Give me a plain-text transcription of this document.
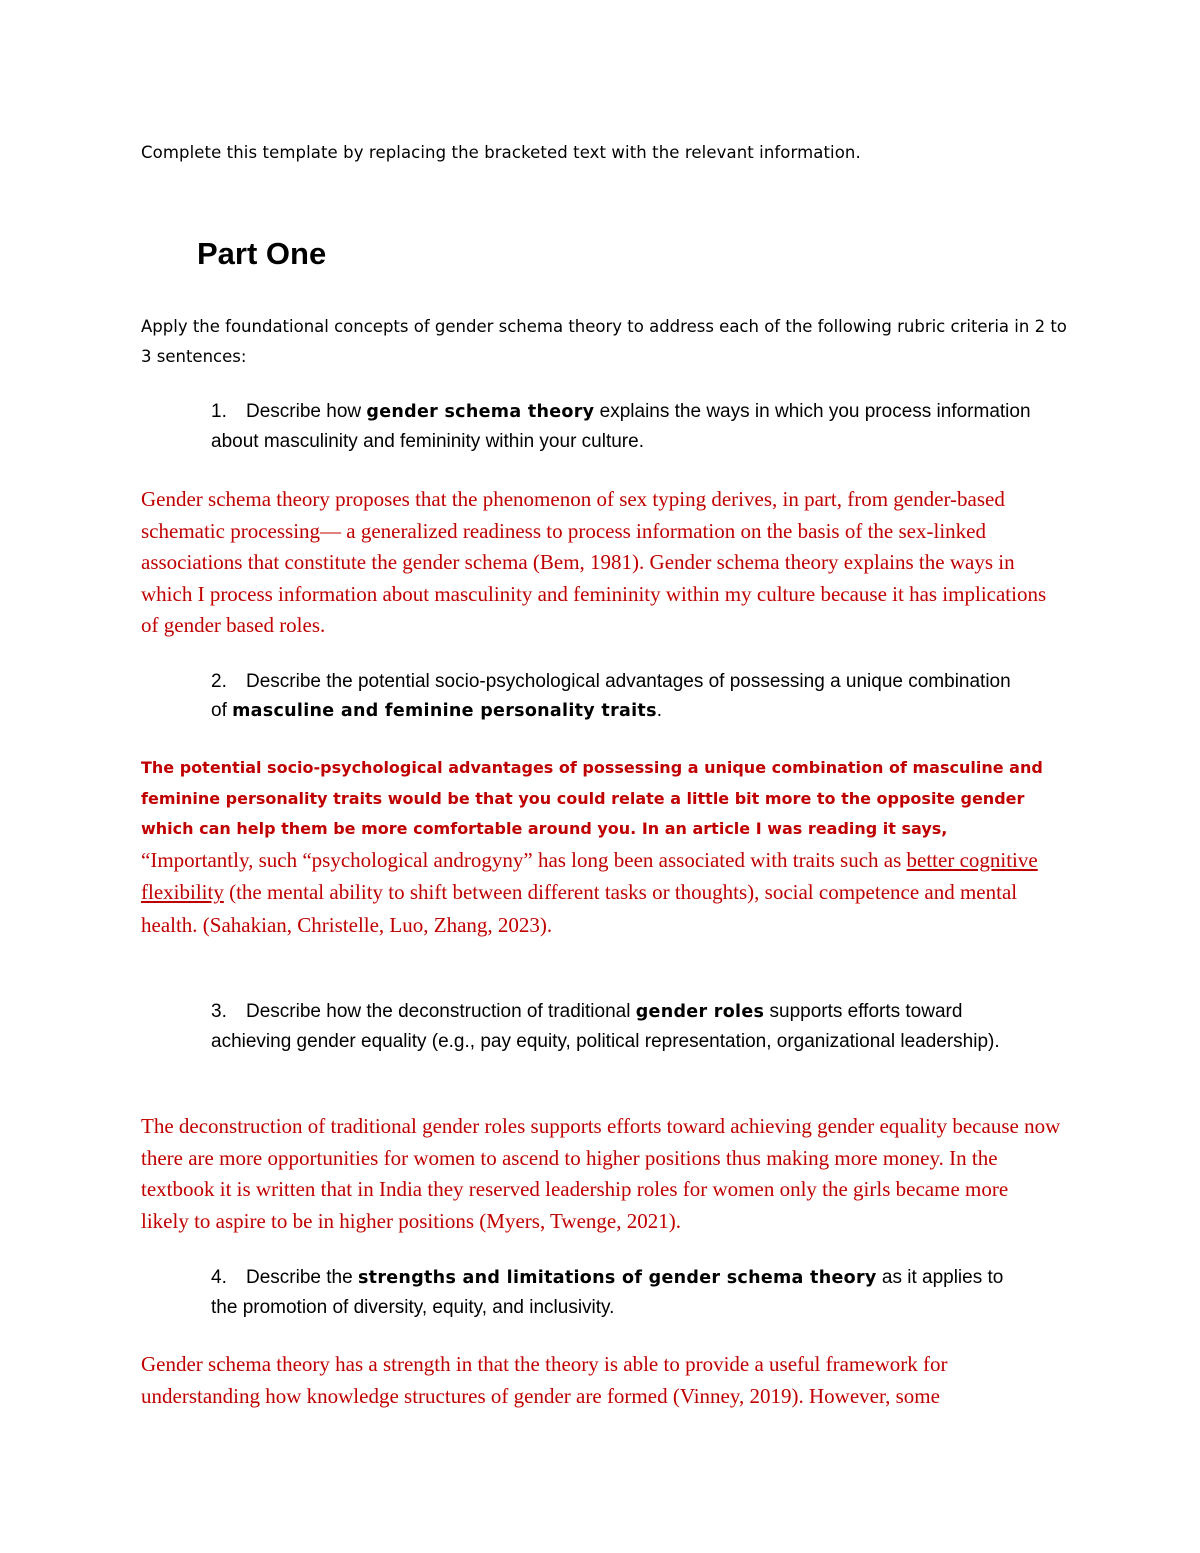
Complete this template by replacing the bracketed text with the relevant information.
Part One
Apply the foundational concepts of gender schema theory to address each of the following rubric criteria in 2 to 3 sentences:
1.	Describe how gender schema theory explains the ways in which you process information about masculinity and femininity within your culture.
Gender schema theory proposes that the phenomenon of sex typing derives, in part, from gender-based schematic processing— a generalized readiness to process information on the basis of the sex-linked associations that constitute the gender schema (Bem, 1981). Gender schema theory explains the ways in which I process information about masculinity and femininity within my culture because it has implications of gender based roles.
2.	Describe the potential socio-psychological advantages of possessing a unique combination of masculine and feminine personality traits.
The potential socio-psychological advantages of possessing a unique combination of masculine and feminine personality traits would be that you could relate a little bit more to the opposite gender which can help them be more comfortable around you. In an article I was reading it says, “Importantly, such “psychological androgyny” has long been associated with traits such as better cognitive flexibility (the mental ability to shift between different tasks or thoughts), social competence and mental health. (Sahakian, Christelle, Luo, Zhang, 2023).
3.	Describe how the deconstruction of traditional gender roles supports efforts toward achieving gender equality (e.g., pay equity, political representation, organizational leadership).
The deconstruction of traditional gender roles supports efforts toward achieving gender equality because now there are more opportunities for women to ascend to higher positions thus making more money. In the textbook it is written that in India they reserved leadership roles for women only the girls became more likely to aspire to be in higher positions (Myers, Twenge, 2021).
4.	Describe the strengths and limitations of gender schema theory as it applies to the promotion of diversity, equity, and inclusivity.
Gender schema theory has a strength in that the theory is able to provide a useful framework for understanding how knowledge structures of gender are formed (Vinney, 2019). However, some
